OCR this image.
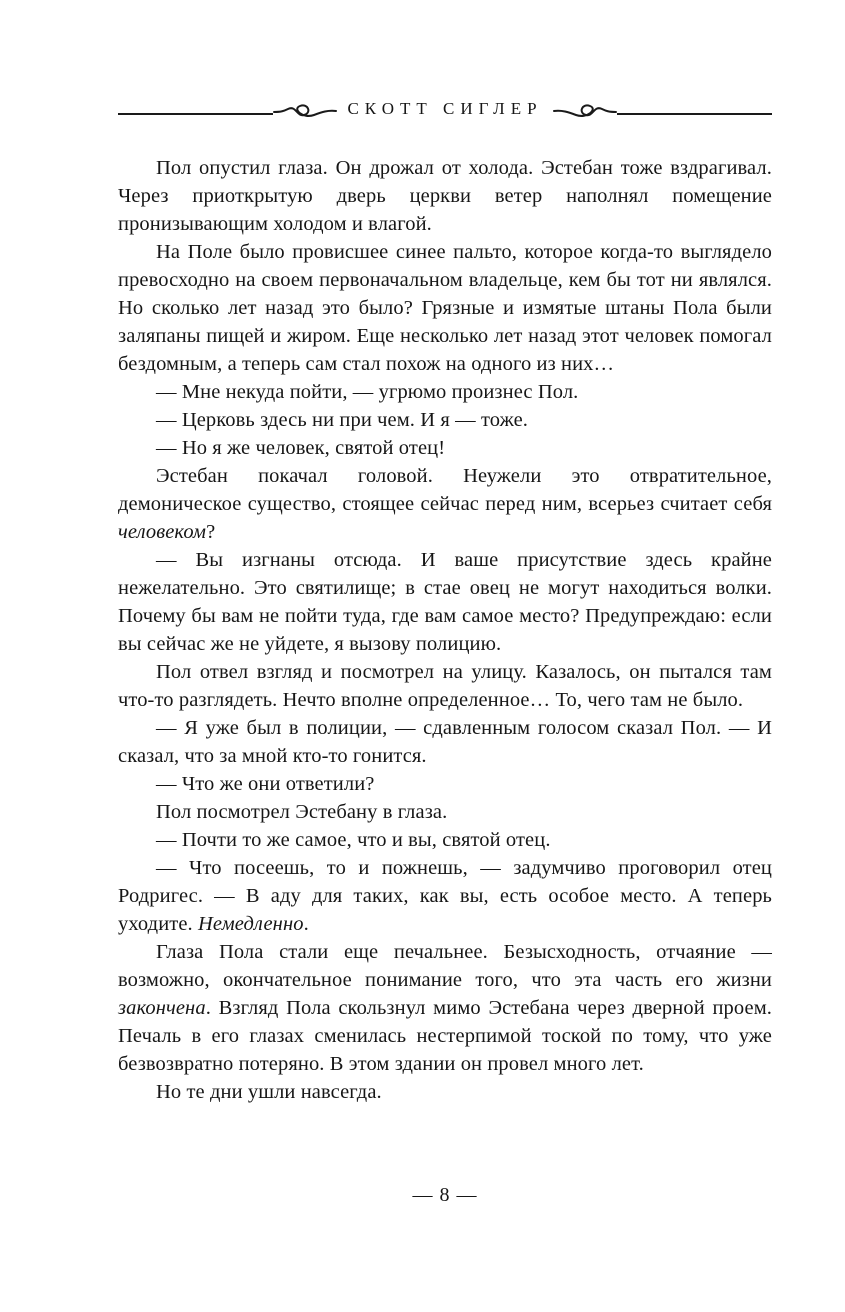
СКОТТ СИГЛЕР

Пол опустил глаза. Он дрожал от холода. Эстебан тоже вздрагивал. Через приоткрытую дверь церкви ветер наполнял помещение пронизывающим холодом и влагой.

На Поле было провисшее синее пальто, которое когда-то выглядело превосходно на своем первоначальном владельце, кем бы тот ни являлся. Но сколько лет назад это было? Грязные и измятые штаны Пола были заляпаны пищей и жиром. Еще несколько лет назад этот человек помогал бездомным, а теперь сам стал похож на одного из них…

— Мне некуда пойти, — угрюмо произнес Пол.

— Церковь здесь ни при чем. И я — тоже.

— Но я же человек, святой отец!

Эстебан покачал головой. Неужели это отвратительное, демоническое существо, стоящее сейчас перед ним, всерьез считает себя человеком?

— Вы изгнаны отсюда. И ваше присутствие здесь крайне нежелательно. Это святилище; в стае овец не могут находиться волки. Почему бы вам не пойти туда, где вам самое место? Предупреждаю: если вы сейчас же не уйдете, я вызову полицию.

Пол отвел взгляд и посмотрел на улицу. Казалось, он пытался там что-то разглядеть. Нечто вполне определенное… То, чего там не было.

— Я уже был в полиции, — сдавленным голосом сказал Пол. — И сказал, что за мной кто-то гонится.

— Что же они ответили?

Пол посмотрел Эстебану в глаза.

— Почти то же самое, что и вы, святой отец.

— Что посеешь, то и пожнешь, — задумчиво проговорил отец Родригес. — В аду для таких, как вы, есть особое место. А теперь уходите. Немедленно.

Глаза Пола стали еще печальнее. Безысходность, отчаяние — возможно, окончательное понимание того, что эта часть его жизни закончена. Взгляд Пола скользнул мимо Эстебана через дверной проем. Печаль в его глазах сменилась нестерпимой тоской по тому, что уже безвозвратно потеряно. В этом здании он провел много лет.

Но те дни ушли навсегда.

— 8 —
